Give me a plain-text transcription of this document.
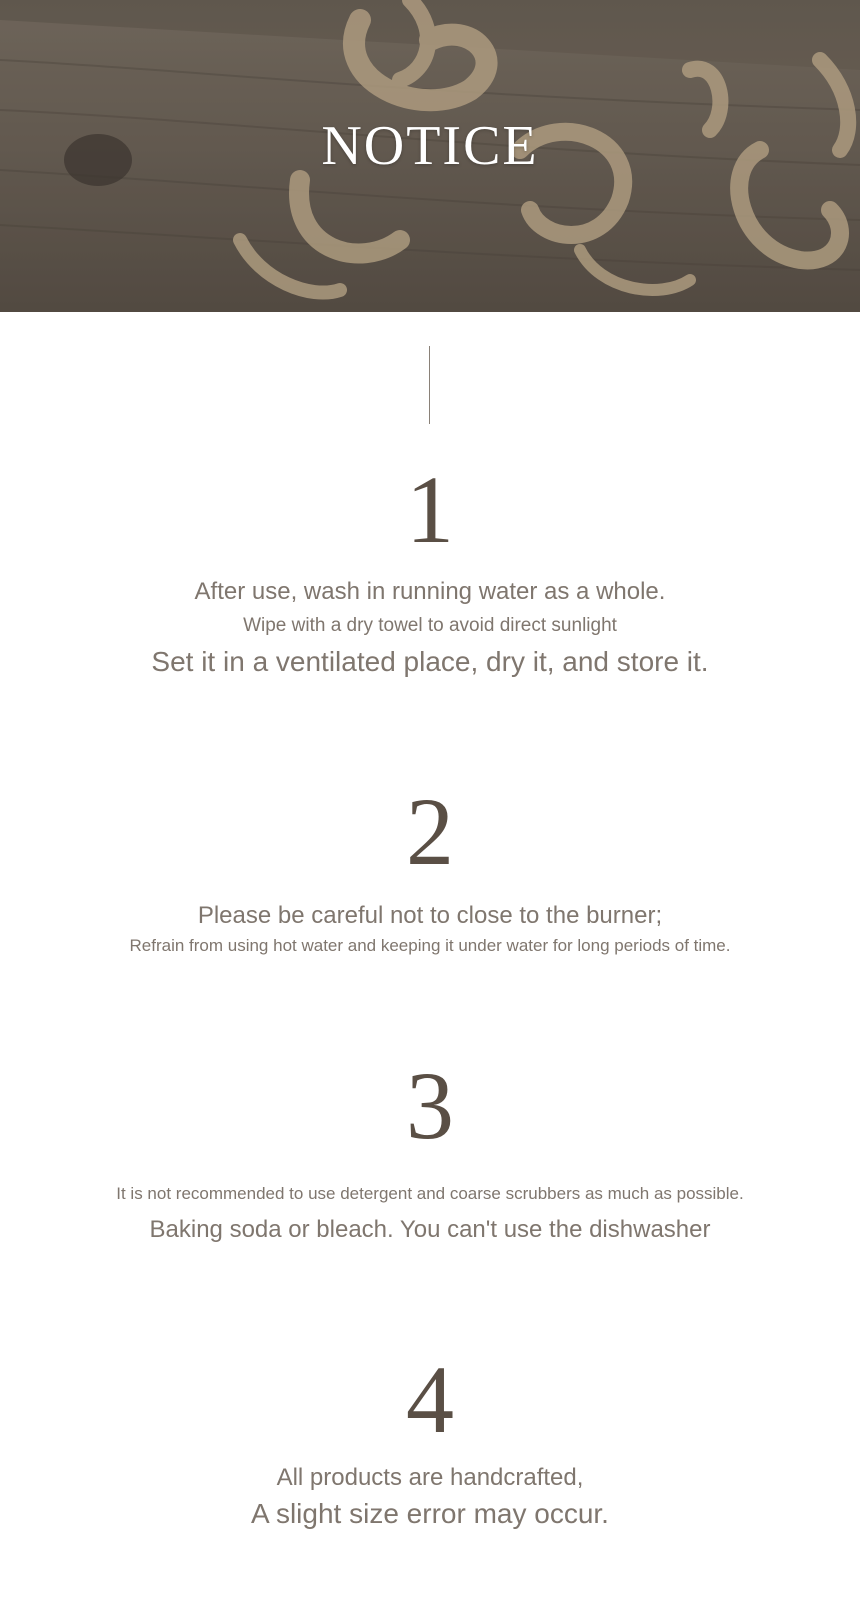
NOTICE
1
After use, wash in running water as a whole.
Wipe with a dry towel to avoid direct sunlight
Set it in a ventilated place, dry it, and store it.
2
Please be careful not to close to the burner;
Refrain from using hot water and keeping it under water for long periods of time.
3
It is not recommended to use detergent and coarse scrubbers as much as possible.
Baking soda or bleach. You can't use the dishwasher
4
All products are handcrafted,
A slight size error may occur.
